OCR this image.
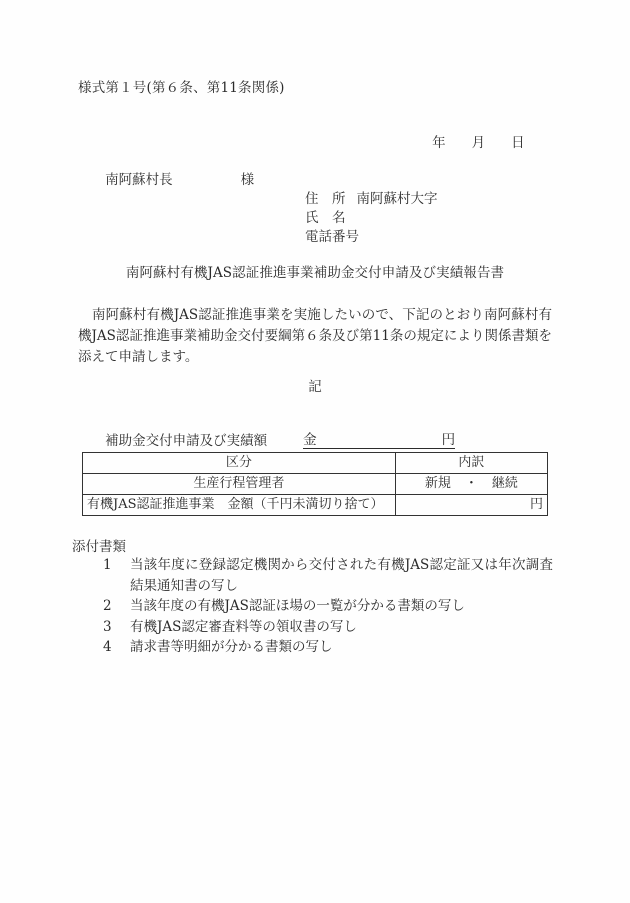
様式第１号(第６条、第11条関係)

年 月 日

南阿蘇村長	様

住　所 南阿蘇村大字
氏　名
電話番号
南阿蘇村有機JAS認証推進事業補助金交付申請及び実績報告書
南阿蘇村有機JAS認証推進事業を実施したいので、下記のとおり南阿蘇村有機JAS認証推進事業補助金交付要綱第６条及び第11条の規定により関係書類を添えて申請します。
記

補助金交付申請及び実績額	金	円

区分	内訳
生産行程管理者	新規 ・ 継続
有機JAS認証推進事業　金額（千円未満切り捨て）	円
添付書類
1	当該年度に登録認定機関から交付された有機JAS認定証又は年次調査結果通知書の写し
2	当該年度の有機JAS認証ほ場の一覧が分かる書類の写し
3	有機JAS認定審査料等の領収書の写し
4	請求書等明細が分かる書類の写し
